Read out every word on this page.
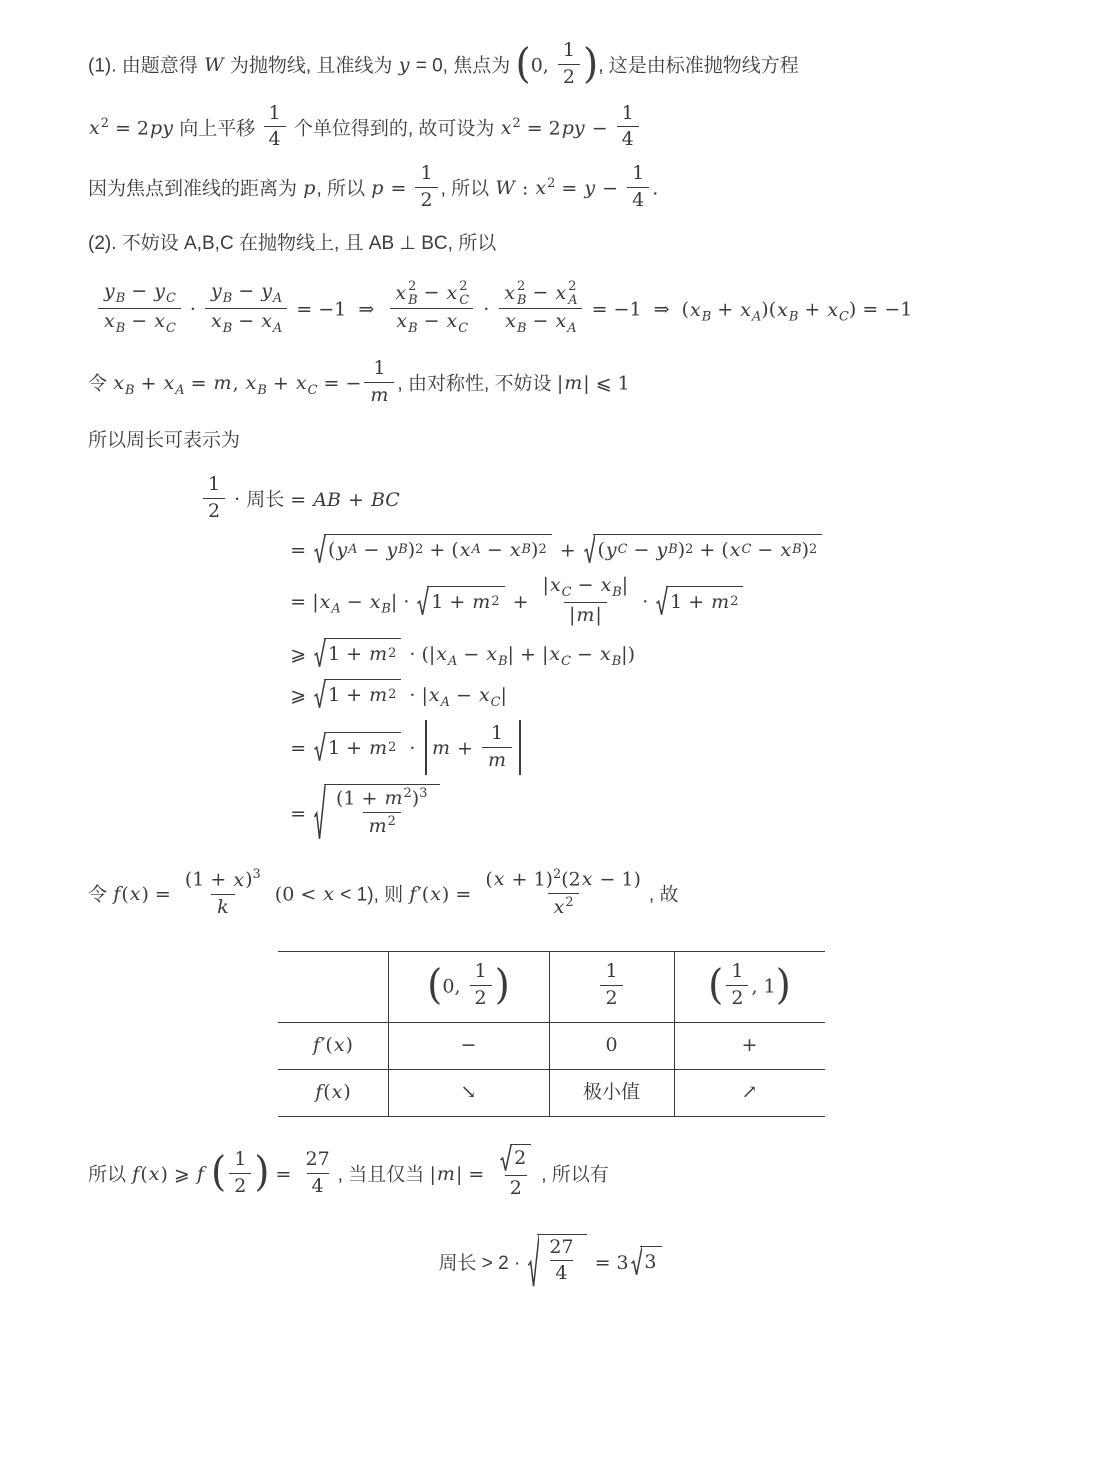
(1). 由题意得 W 为抛物线, 且准线为 y = 0, 焦点为 (0, $\frac{1}{2}$ ), 这是由标准抛物线方程
$x^2 = 2py$ 向上平移 $\frac{1}{4}$ 个单位得到的, 故可设为 $x^2 = 2py - \frac{1}{4}$
因为焦点到准线的距离为 p, 所以 $p = \frac{1}{2}$ , 所以 W : $x^2 = y - \frac{1}{4}$ .
(2). 不妨设 A,B,C 在抛物线上, 且 AB ⊥ BC, 所以
$\frac{y_B - y_C}{x_B - x_C} \cdot \frac{y_B - y_A}{x_B - x_A} = -1$  ⇒ x 2
B − x 2
C
$x_B - x_C \cdot x$ 2
B − x 2
A
$x_B - x_A = -1$  ⇒  $(x_B + x_A)(x_B + x_C) = -1$
令 $x_B + x_A = m$, $x_B + x_C$ = − $\frac{1}{m}$ , 由对称性, 不妨设 |m| ⩽ 1
所以周长可表示为
$\frac{1}{2}$ · 周长 = AB + BC
= ( y A − y B ) 2 + ( x A − x B ) 2 + ( y C − y B ) 2 + ( x C − x B ) 2
= $|x_A - x_B| \cdot 1 + m$ $2 + \frac{|x_C - x_B|}{|m|} \cdot 1 + m$ 2
⩾ 1 + m $2 \cdot (|x_A - x_B| + |x_C - x_B|)$
⩾ 1 + m $2 \cdot |x_A - x_C|$
= 1 + m $2 \cdot m + \frac{1}{m}$
= $\frac{(1 + m^2)^3}{m^2}$
令 $f(x) = \frac{(1 + x)^3}{k} (0 < x < 1)$, 则 $f'(x) = \frac{(x + 1)^2(2x - 1)}{x^2}$ , 故
	(0, $\frac{1}{2}$ )	$\frac{1}{2}$	( $\frac{1}{2}$ , 1)
f′(x)	−	0	+
f(x)	↘	极小值	↗
所以 f(x) ⩾ f ( $\frac{1}{2}$ ) = $\frac{27}{4}$ , 当且仅当 $|m| = \frac{2}{2}$ , 所以有
周长 > $2 \cdot \frac{27}{4} = 3$ 3
